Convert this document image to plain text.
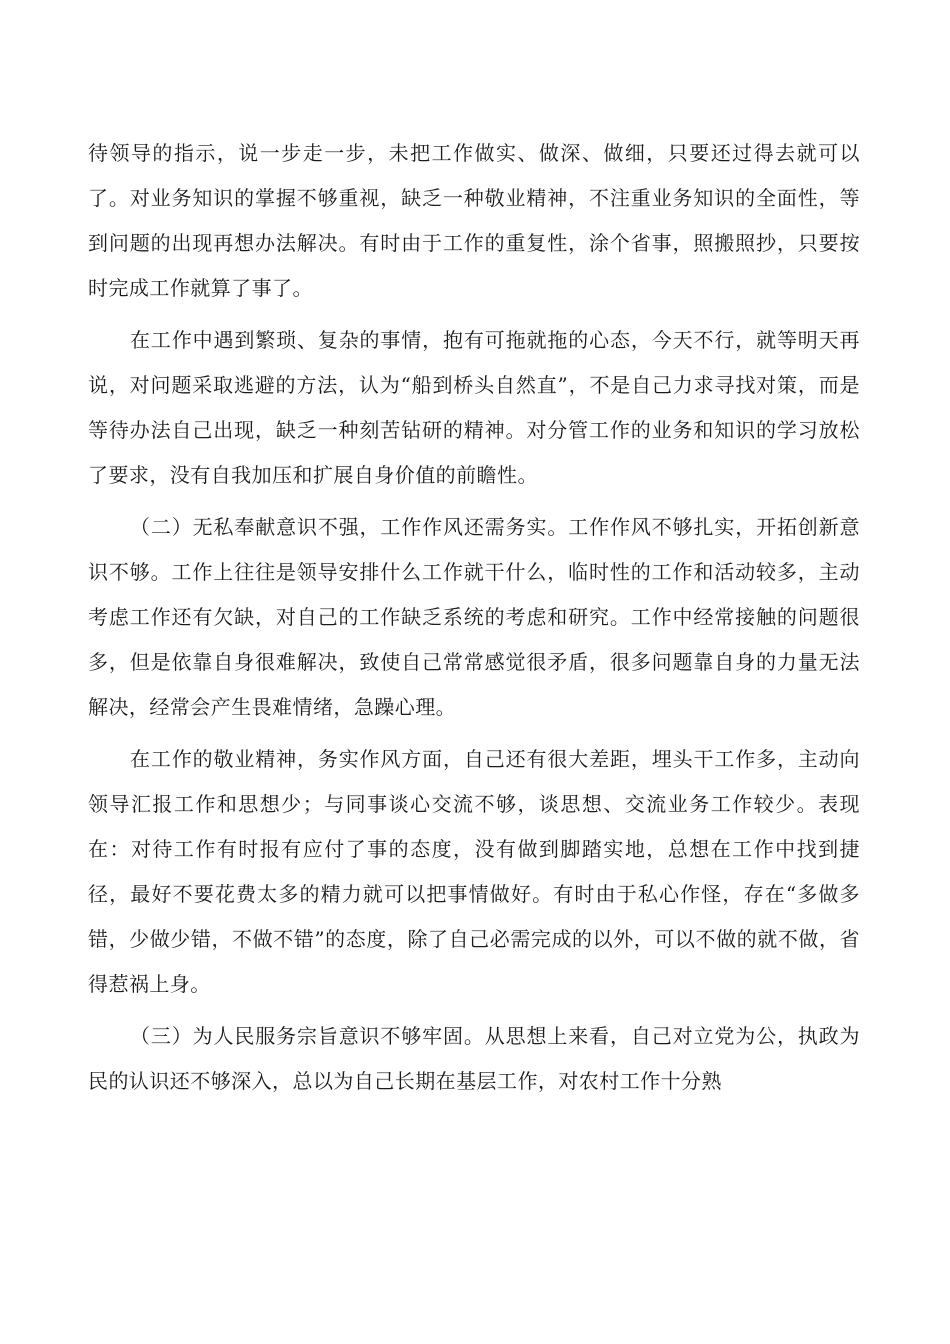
待领导的指示，说一步走一步，未把工作做实、做深、做细，只要还过得去就可以了。对业务知识的掌握不够重视，缺乏一种敬业精神，不注重业务知识的全面性，等到问题的出现再想办法解决。有时由于工作的重复性，涂个省事，照搬照抄，只要按时完成工作就算了事了。

在工作中遇到繁琐、复杂的事情，抱有可拖就拖的心态，今天不行，就等明天再说，对问题采取逃避的方法，认为“船到桥头自然直”，不是自己力求寻找对策，而是等待办法自己出现，缺乏一种刻苦钻研的精神。对分管工作的业务和知识的学习放松了要求，没有自我加压和扩展自身价值的前瞻性。

（二）无私奉献意识不强，工作作风还需务实。工作作风不够扎实，开拓创新意识不够。工作上往往是领导安排什么工作就干什么，临时性的工作和活动较多，主动考虑工作还有欠缺，对自己的工作缺乏系统的考虑和研究。工作中经常接触的问题很多，但是依靠自身很难解决，致使自己常常感觉很矛盾，很多问题靠自身的力量无法解决，经常会产生畏难情绪，急躁心理。

在工作的敬业精神，务实作风方面，自己还有很大差距，埋头干工作多，主动向领导汇报工作和思想少；与同事谈心交流不够，谈思想、交流业务工作较少。表现在：对待工作有时报有应付了事的态度，没有做到脚踏实地，总想在工作中找到捷径，最好不要花费太多的精力就可以把事情做好。有时由于私心作怪，存在“多做多错，少做少错，不做不错”的态度，除了自己必需完成的以外，可以不做的就不做，省得惹祸上身。

（三）为人民服务宗旨意识不够牢固。从思想上来看，自己对立党为公，执政为民的认识还不够深入，总以为自己长期在基层工作，对农村工作十分熟
